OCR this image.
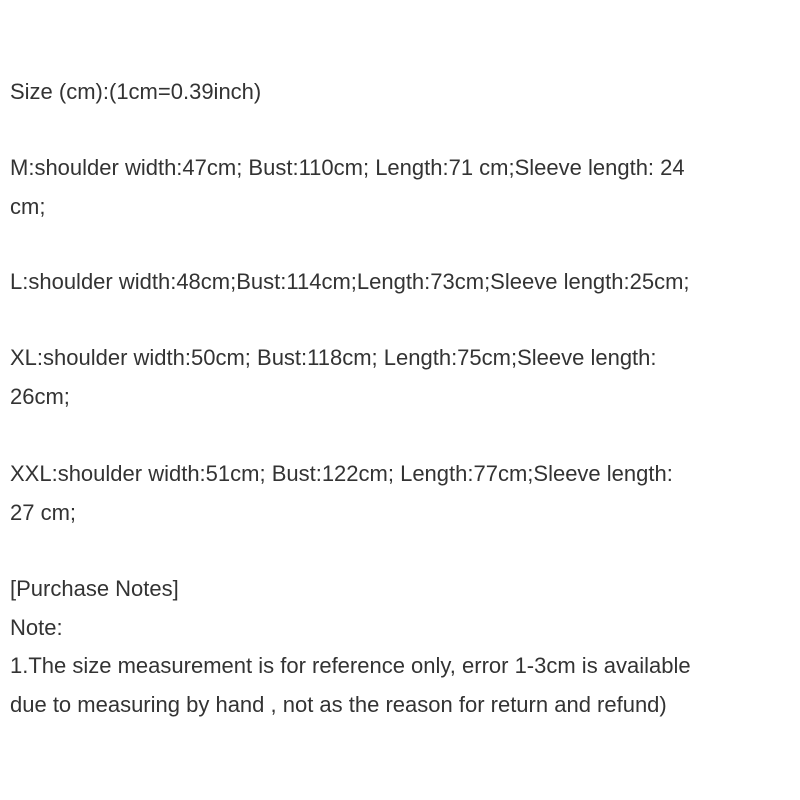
Size (cm):(1cm=0.39inch)
M:shoulder width:47cm; Bust:110cm; Length:71 cm;Sleeve length: 24
cm;
L:shoulder width:48cm;Bust:114cm;Length:73cm;Sleeve length:25cm;
XL:shoulder width:50cm; Bust:118cm; Length:75cm;Sleeve length:
26cm;
XXL:shoulder width:51cm; Bust:122cm; Length:77cm;Sleeve length:
27 cm;
[Purchase Notes]
Note:
1.The size measurement is for reference only, error 1-3cm is available
due to measuring by hand , not as the reason for return and refund)
